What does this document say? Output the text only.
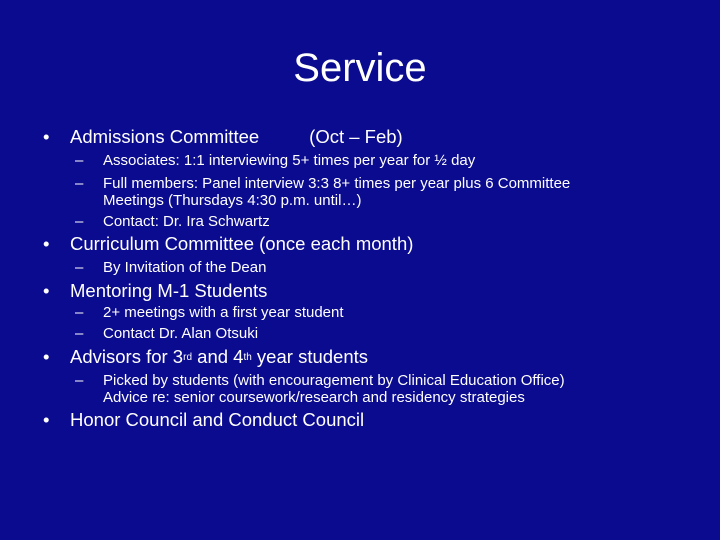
Service
• Admissions Committee	(Oct – Feb)
– Associates: 1:1 interviewing 5+ times per year for ½ day
– Full members: Panel interview 3:3 8+ times per year plus 6 Committee
Meetings (Thursdays 4:30 p.m. until…)
– Contact: Dr. Ira Schwartz
• Curriculum Committee (once each month)
– By Invitation of the Dean
• Mentoring M-1 Students
– 2+ meetings with a first year student
– Contact Dr. Alan Otsuki
• Advisors for 3rd and 4th year students
– Picked by students (with encouragement by Clinical Education Office)
Advice re: senior coursework/research and residency strategies
• Honor Council and Conduct Council
